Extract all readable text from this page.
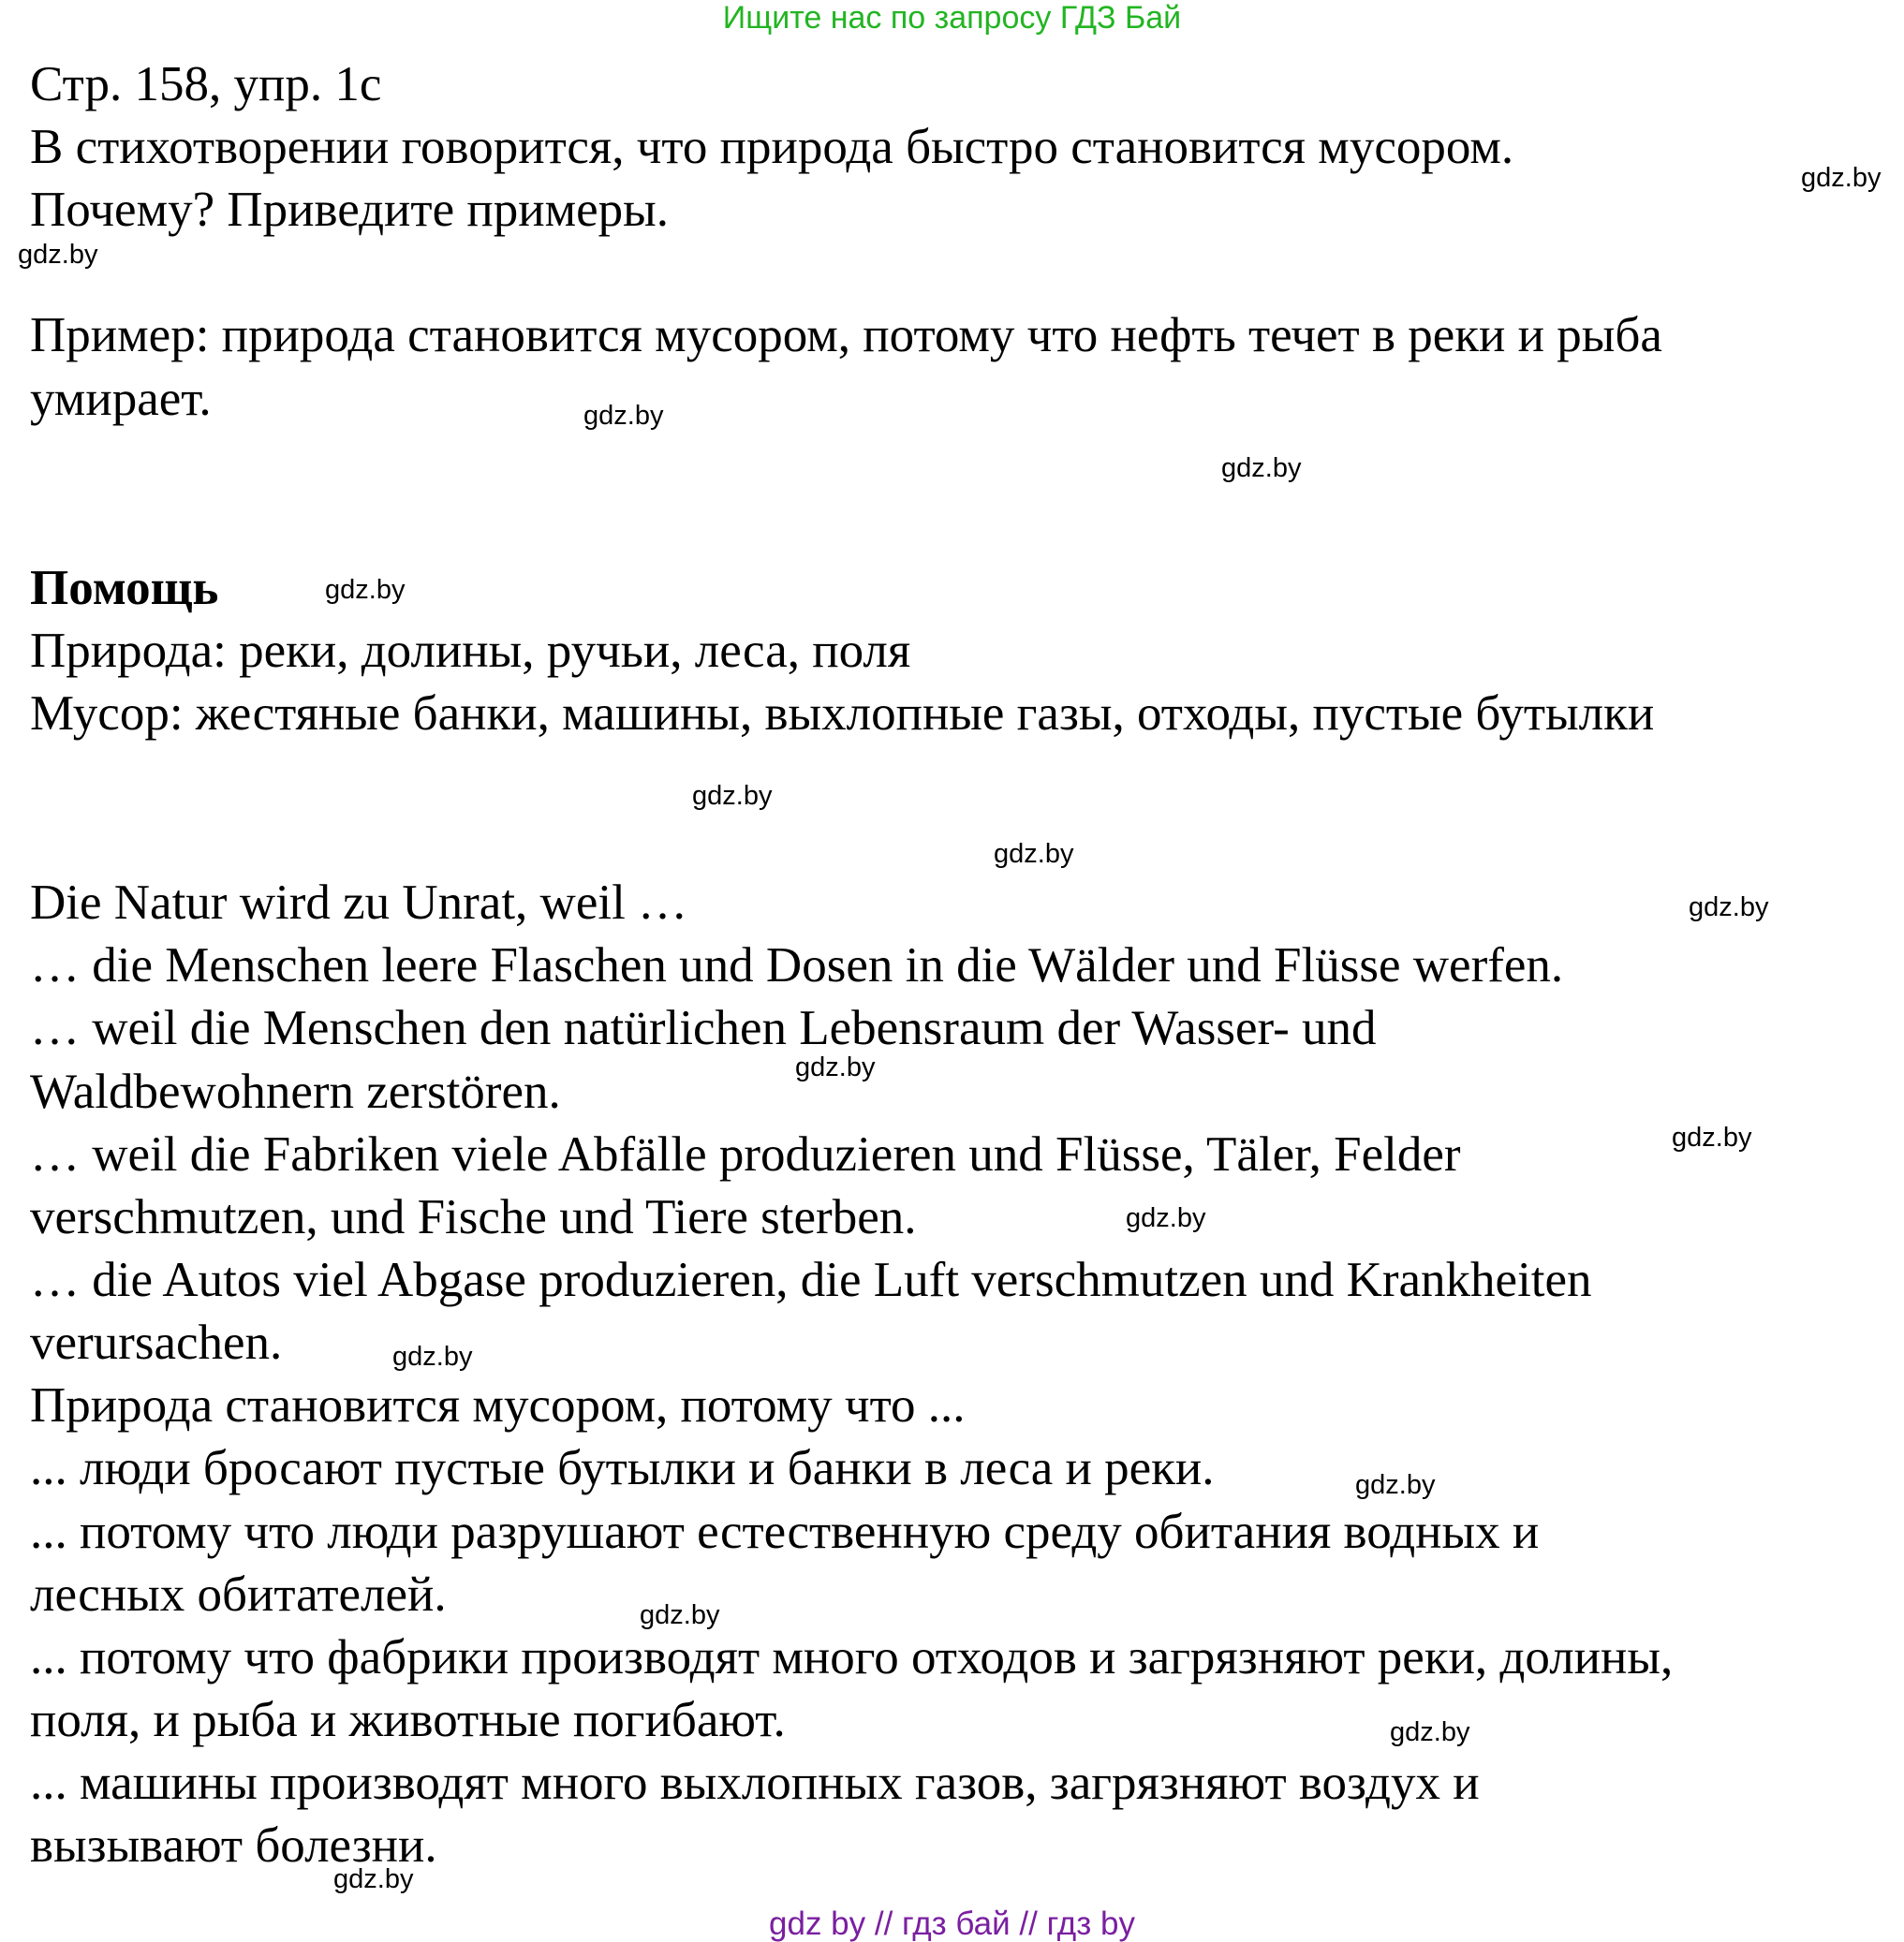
Ищите нас по запросу ГДЗ Бай
Стр. 158, упр. 1с
В стихотворении говорится, что природа быстро становится мусором.
Почему? Приведите примеры.
Пример: природа становится мусором, потому что нефть течет в реки и рыба
умирает.
Помощь
Природа: реки, долины, ручьи, леса, поля
Мусор: жестяные банки, машины, выхлопные газы, отходы, пустые бутылки
Die Natur wird zu Unrat, weil …
… die Menschen leere Flaschen und Dosen in die Wälder und Flüsse werfen.
… weil die Menschen den natürlichen Lebensraum der Wasser- und
Waldbewohnern zerstören.
… weil die Fabriken viele Abfälle produzieren und Flüsse, Täler, Felder
verschmutzen, und Fische und Tiere sterben.
… die Autos viel Abgase produzieren, die Luft verschmutzen und Krankheiten
verursachen.
Природа становится мусором, потому что ...
... люди бросают пустые бутылки и банки в леса и реки.
... потому что люди разрушают естественную среду обитания водных и
лесных обитателей.
... потому что фабрики производят много отходов и загрязняют реки, долины,
поля, и рыба и животные погибают.
... машины производят много выхлопных газов, загрязняют воздух и
вызывают болезни.
gdz.by
gdz.by
gdz.by
gdz.by
gdz.by
gdz.by
gdz.by
gdz.by
gdz.by
gdz.by
gdz.by
gdz.by
gdz.by
gdz.by
gdz.by
gdz.by
gdz by // гдз бай // гдз by
